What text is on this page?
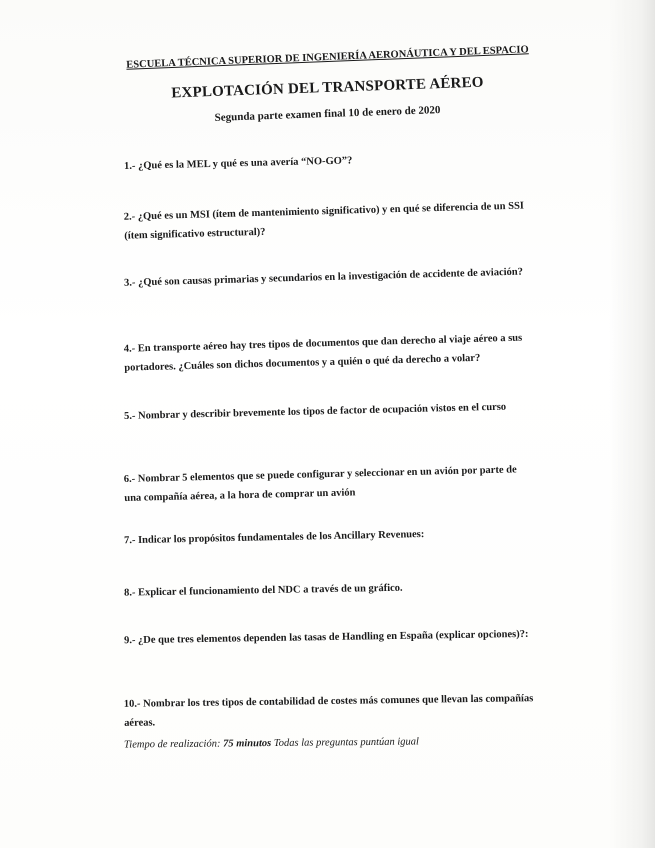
ESCUELA TÉCNICA SUPERIOR DE INGENIERÍA AERONÁUTICA Y DEL ESPACIO
EXPLOTACIÓN DEL TRANSPORTE AÉREO
Segunda parte examen final 10 de enero de 2020

1.- ¿Qué es la MEL y qué es una avería “NO-GO”?

2.- ¿Qué es un MSI (ítem de mantenimiento significativo) y en qué se diferencia de un SSI (ítem significativo estructural)?

3.- ¿Qué son causas primarias y secundarios en la investigación de accidente de aviación?

4.- En transporte aéreo hay tres tipos de documentos que dan derecho al viaje aéreo a sus portadores. ¿Cuáles son dichos documentos y a quién o qué da derecho a volar?

5.- Nombrar y describir brevemente los tipos de factor de ocupación vistos en el curso

6.- Nombrar 5 elementos que se puede configurar y seleccionar en un avión por parte de una compañía aérea, a la hora de comprar un avión

7.- Indicar los propósitos fundamentales de los Ancillary Revenues:

8.- Explicar el funcionamiento del NDC a través de un gráfico.

9.- ¿De que tres elementos dependen las tasas de Handling en España (explicar opciones)?:

10.- Nombrar los tres tipos de contabilidad de costes más comunes que llevan las compañías aéreas.

Tiempo de realización: 75 minutos Todas las preguntas puntúan igual
